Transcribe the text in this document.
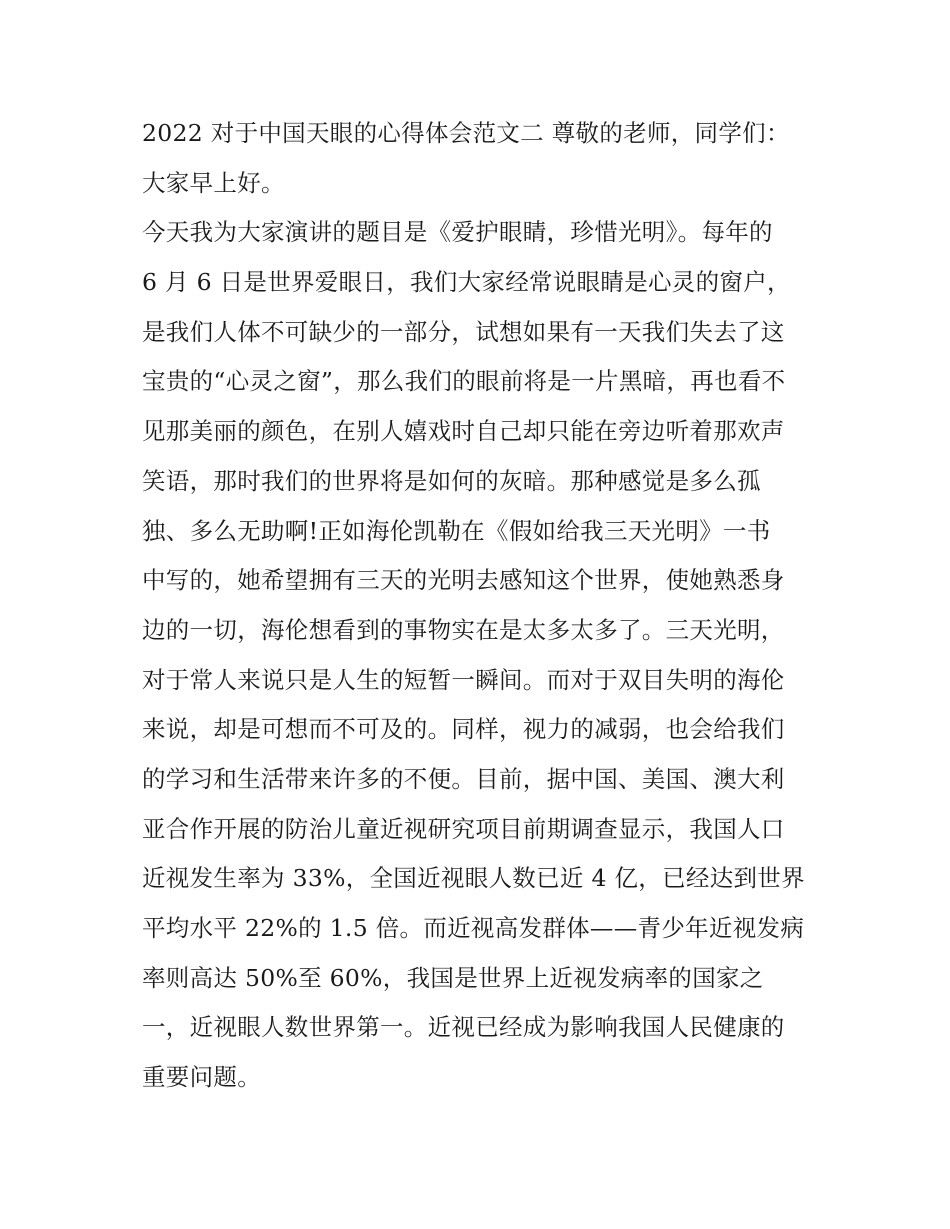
2022 对于中国天眼的心得体会范文二 尊敬的老师，同学们：
大家早上好。
今天我为大家演讲的题目是《爱护眼睛，珍惜光明》。每年的
6 月 6 日是世界爱眼日，我们大家经常说眼睛是心灵的窗户，
是我们人体不可缺少的一部分，试想如果有一天我们失去了这
宝贵的“心灵之窗”，那么我们的眼前将是一片黑暗，再也看不
见那美丽的颜色，在别人嬉戏时自己却只能在旁边听着那欢声
笑语，那时我们的世界将是如何的灰暗。那种感觉是多么孤
独、多么无助啊!正如海伦凯勒在《假如给我三天光明》一书
中写的，她希望拥有三天的光明去感知这个世界，使她熟悉身
边的一切，海伦想看到的事物实在是太多太多了。三天光明，
对于常人来说只是人生的短暂一瞬间。而对于双目失明的海伦
来说，却是可想而不可及的。同样，视力的减弱，也会给我们
的学习和生活带来许多的不便。目前，据中国、美国、澳大利
亚合作开展的防治儿童近视研究项目前期调查显示，我国人口
近视发生率为 33%，全国近视眼人数已近 4 亿，已经达到世界
平均水平 22%的 1.5 倍。而近视高发群体——青少年近视发病
率则高达 50%至 60%，我国是世界上近视发病率的国家之
一，近视眼人数世界第一。近视已经成为影响我国人民健康的
重要问题。
